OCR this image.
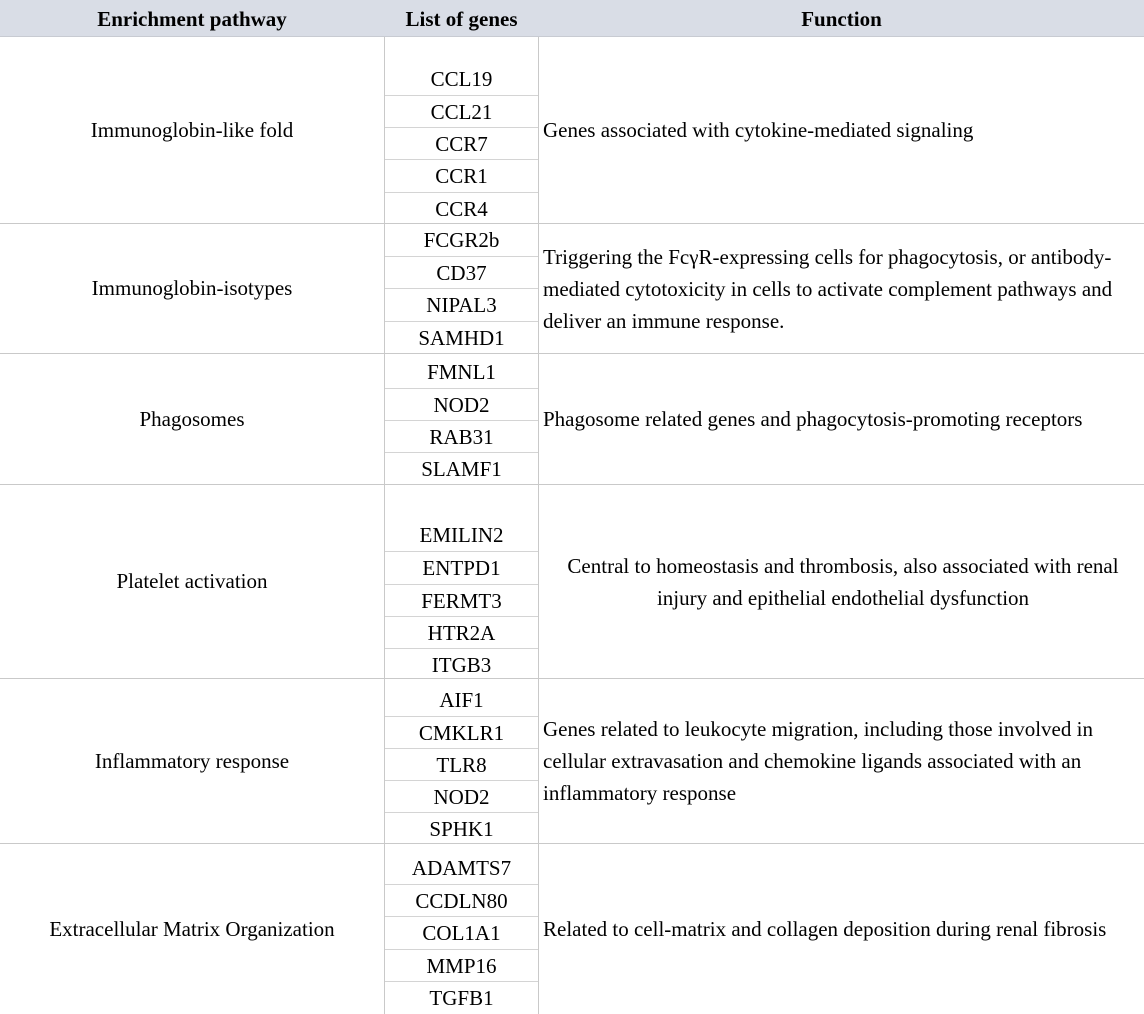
Enrichment pathway	List of genes	Function
Immunoglobin-like fold
CCL19
CCL21
CCR7
CCR1
CCR4
Genes associated with cytokine-mediated signaling
Immunoglobin-isotypes
FCGR2b
CD37
NIPAL3
SAMHD1
Triggering the FcγR-expressing cells for phagocytosis, or antibody-mediated cytotoxicity in cells to activate complement pathways and deliver an immune response.
Phagosomes
FMNL1
NOD2
RAB31
SLAMF1
Phagosome related genes and phagocytosis-promoting receptors
Platelet activation
EMILIN2
ENTPD1
FERMT3
HTR2A
ITGB3
Central to homeostasis and thrombosis, also associated with renal injury and epithelial endothelial dysfunction
Inflammatory response
AIF1
CMKLR1
TLR8
NOD2
SPHK1
Genes related to leukocyte migration, including those involved in cellular extravasation and chemokine ligands associated with an inflammatory response
Extracellular Matrix Organization
ADAMTS7
CCDLN80
COL1A1
MMP16
TGFB1
Related to cell-matrix and collagen deposition during renal fibrosis
